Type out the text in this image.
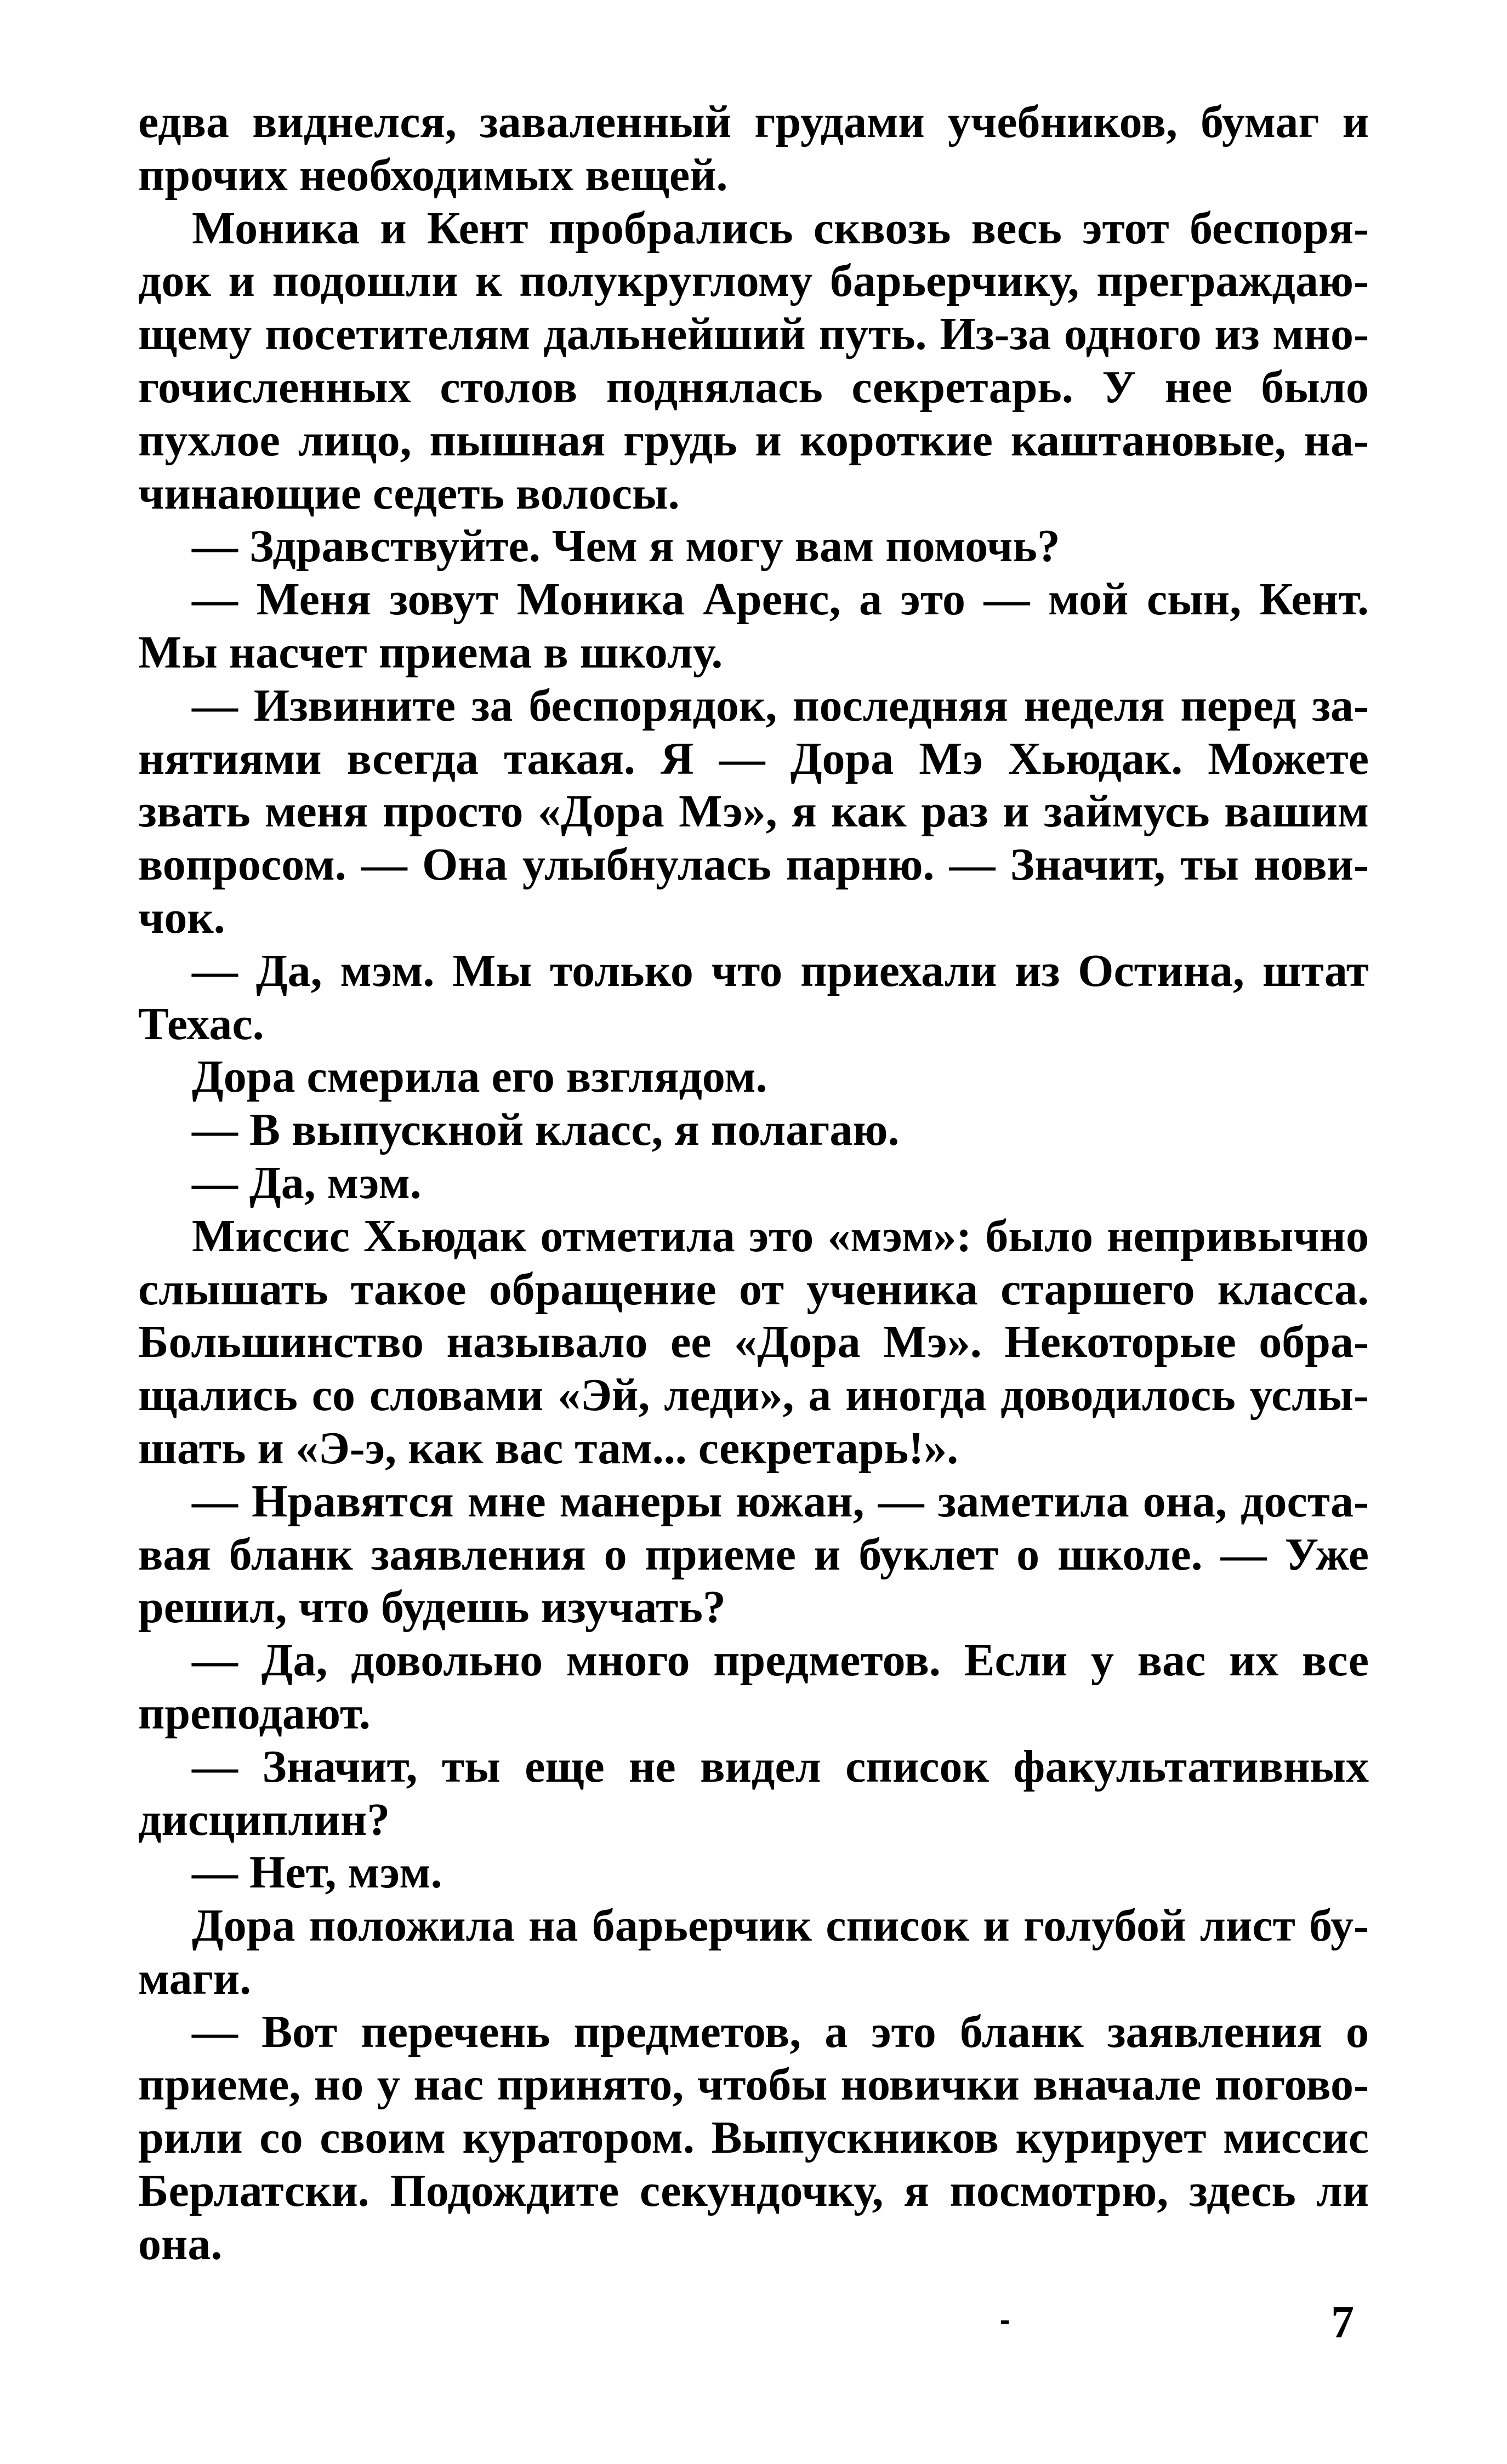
едва виднелся, заваленный грудами учебников, бумаг и
прочих необходимых вещей.
Моника и Кент пробрались сквозь весь этот беспоря-
док и подошли к полукруглому барьерчику, преграждаю-
щему посетителям дальнейший путь. Из-за одного из мно-
гочисленных столов поднялась секретарь. У нее было
пухлое лицо, пышная грудь и короткие каштановые, на-
чинающие седеть волосы.
— Здравствуйте. Чем я могу вам помочь?
— Меня зовут Моника Аренс, а это — мой сын, Кент.
Мы насчет приема в школу.
— Извините за беспорядок, последняя неделя перед за-
нятиями всегда такая. Я — Дора Мэ Хьюдак. Можете
звать меня просто «Дора Мэ», я как раз и займусь вашим
вопросом. — Она улыбнулась парню. — Значит, ты нови-
чок.
— Да, мэм. Мы только что приехали из Остина, штат
Техас.
Дора смерила его взглядом.
— В выпускной класс, я полагаю.
— Да, мэм.
Миссис Хьюдак отметила это «мэм»: было непривычно
слышать такое обращение от ученика старшего класса.
Большинство называло ее «Дора Мэ». Некоторые обра-
щались со словами «Эй, леди», а иногда доводилось услы-
шать и «Э-э, как вас там... секретарь!».
— Нравятся мне манеры южан, — заметила она, доста-
вая бланк заявления о приеме и буклет о школе. — Уже
решил, что будешь изучать?
— Да, довольно много предметов. Если у вас их все
преподают.
— Значит, ты еще не видел список факультативных
дисциплин?
— Нет, мэм.
Дора положила на барьерчик список и голубой лист бу-
маги.
— Вот перечень предметов, а это бланк заявления о
приеме, но у нас принято, чтобы новички вначале погово-
рили со своим куратором. Выпускников курирует миссис
Берлатски. Подождите секундочку, я посмотрю, здесь ли
она.
7
